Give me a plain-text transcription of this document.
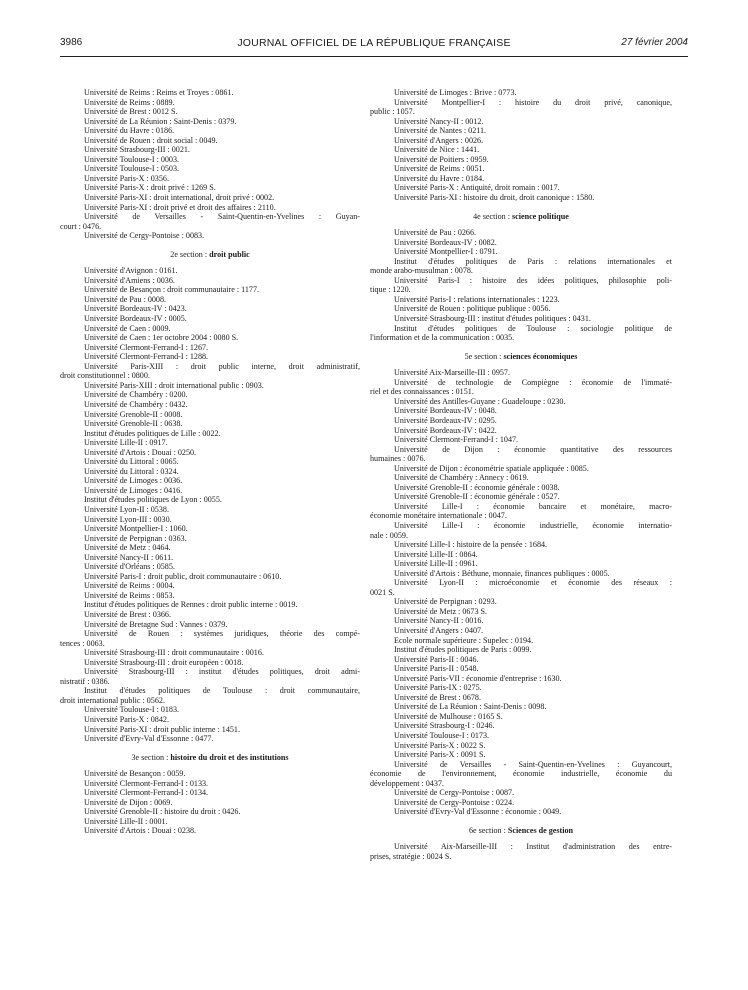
3986	JOURNAL OFFICIEL DE LA RÉPUBLIQUE FRANÇAISE	27 février 2004
Université de Reims : Reims et Troyes : 0861.
Université de Reims : 0889.
Université de Brest : 0012 S.
Université de La Réunion : Saint-Denis : 0379.
Université du Havre : 0186.
Université de Rouen : droit social : 0049.
Université Strasbourg-III : 0021.
Université Toulouse-I : 0003.
Université Toulouse-I : 0503.
Université Paris-X : 0356.
Université Paris-X : droit privé : 1269 S.
Université Paris-XI : droit international, droit privé : 0002.
Université Paris-XI : droit privé et droit des affaires : 2110.
Université de Versailles - Saint-Quentin-en-Yvelines : Guyan-
court : 0476.
Université de Cergy-Pontoise : 0083.
2e section : droit public
Université d'Avignon : 0161.
Université d'Amiens : 0036.
Université de Besançon : droit communautaire : 1177.
Université de Pau : 0008.
Université Bordeaux-IV : 0423.
Université Bordeaux-IV : 0005.
Université de Caen : 0009.
Université de Caen : 1er octobre 2004 : 0080 S.
Université Clermont-Ferrand-I : 1267.
Université Clermont-Ferrand-I : 1288.
Université Paris-XIII : droit public interne, droit administratif,
droit constitutionnel : 0800.
Université Paris-XIII : droit international public : 0903.
Université de Chambéry : 0200.
Université de Chambéry : 0432.
Université Grenoble-II : 0008.
Université Grenoble-II : 0638.
Institut d'études politiques de Lille : 0022.
Université Lille-II : 0917.
Université d'Artois : Douai : 0250.
Université du Littoral : 0065.
Université du Littoral : 0324.
Université de Limoges : 0036.
Université de Limoges : 0416.
Institut d'études politiques de Lyon : 0055.
Université Lyon-II : 0538.
Université Lyon-III : 0030.
Université Montpellier-I : 1060.
Université de Perpignan : 0363.
Université de Metz : 0464.
Université Nancy-II : 0611.
Université d'Orléans : 0585.
Université Paris-I : droit public, droit communautaire : 0610.
Université de Reims : 0004.
Université de Reims : 0853.
Institut d'études politiques de Rennes : droit public interne : 0019.
Université de Brest : 0366.
Université de Bretagne Sud : Vannes : 0379.
Université de Rouen : systèmes juridiques, théorie des compé-
tences : 0063.
Université Strasbourg-III : droit communautaire : 0016.
Université Strasbourg-III : droit européen : 0018.
Université Strasbourg-III : institut d'études politiques, droit admi-
nistratif : 0386.
Institut d'études politiques de Toulouse : droit communautaire,
droit international public : 0562.
Université Toulouse-I : 0183.
Université Paris-X : 0842.
Université Paris-XI : droit public interne : 1451.
Université d'Evry-Val d'Essonne : 0477.
3e section : histoire du droit et des institutions
Université de Besançon : 0059.
Université Clermont-Ferrand-I : 0133.
Université Clermont-Ferrand-I : 0134.
Université de Dijon : 0069.
Université Grenoble-II : histoire du droit : 0426.
Université Lille-II : 0001.
Université d'Artois : Douai : 0238.
Université de Limoges : Brive : 0773.
Université Montpellier-I : histoire du droit privé, canonique,
public : 1057.
Université Nancy-II : 0012.
Université de Nantes : 0211.
Université d'Angers : 0026.
Université de Nice : 1441.
Université de Poitiers : 0959.
Université de Reims : 0051.
Université du Havre : 0184.
Université Paris-X : Antiquité, droit romain : 0017.
Université Paris-XI : histoire du droit, droit canonique : 1580.
4e section : science politique
Université de Pau : 0266.
Université Bordeaux-IV : 0082.
Université Montpellier-I : 0791.
Institut d'études politiques de Paris : relations internationales et
monde arabo-musulman : 0078.
Université Paris-I : histoire des idées politiques, philosophie poli-
tique : 1220.
Université Paris-I : relations internationales : 1223.
Université de Rouen : politique publique : 0056.
Université Strasbourg-III : institut d'études politiques : 0431.
Institut d'études politiques de Toulouse : sociologie politique de
l'information et de la communication : 0035.
5e section : sciences économiques
Université Aix-Marseille-III : 0957.
Université de technologie de Compiègne : économie de l'immaté-
riel et des connaissances : 0151.
Université des Antilles-Guyane : Guadeloupe : 0230.
Université Bordeaux-IV : 0048.
Université Bordeaux-IV : 0295.
Université Bordeaux-IV : 0422.
Université Clermont-Ferrand-I : 1047.
Université de Dijon : économie quantitative des ressources
humaines : 0076.
Université de Dijon : économétrie spatiale appliquée : 0085.
Université de Chambéry : Annecy : 0619.
Université Grenoble-II : économie générale : 0038.
Université Grenoble-II : économie générale : 0527.
Université Lille-I : économie bancaire et monétaire, macro-
économie monétaire internationale : 0047.
Université Lille-I : économie industrielle, économie internatio-
nale : 0059.
Université Lille-I : histoire de la pensée : 1684.
Université Lille-II : 0864.
Université Lille-II : 0961.
Université d'Artois : Béthune, monnaie, finances publiques : 0005.
Université Lyon-II : microéconomie et économie des réseaux :
0021 S.
Université de Perpignan : 0293.
Université de Metz : 0673 S.
Université Nancy-II : 0016.
Université d'Angers : 0407.
Ecole normale supérieure : Supelec : 0194.
Institut d'études politiques de Paris : 0099.
Université Paris-II : 0046.
Université Paris-II : 0548.
Université Paris-VII : économie d'entreprise : 1630.
Université Paris-IX : 0275.
Université de Brest : 0678.
Université de La Réunion : Saint-Denis : 0098.
Université de Mulhouse : 0165 S.
Université Strasbourg-I : 0246.
Université Toulouse-I : 0173.
Université Paris-X : 0022 S.
Université Paris-X : 0091 S.
Université de Versailles - Saint-Quentin-en-Yvelines : Guyancourt,
économie de l'environnement, économie industrielle, économie du
développement : 0437.
Université de Cergy-Pontoise : 0087.
Université de Cergy-Pontoise : 0224.
Université d'Evry-Val d'Essonne : économie : 0049.
6e section : Sciences de gestion
Université Aix-Marseille-III : Institut d'administration des entre-
prises, stratégie : 0024 S.
